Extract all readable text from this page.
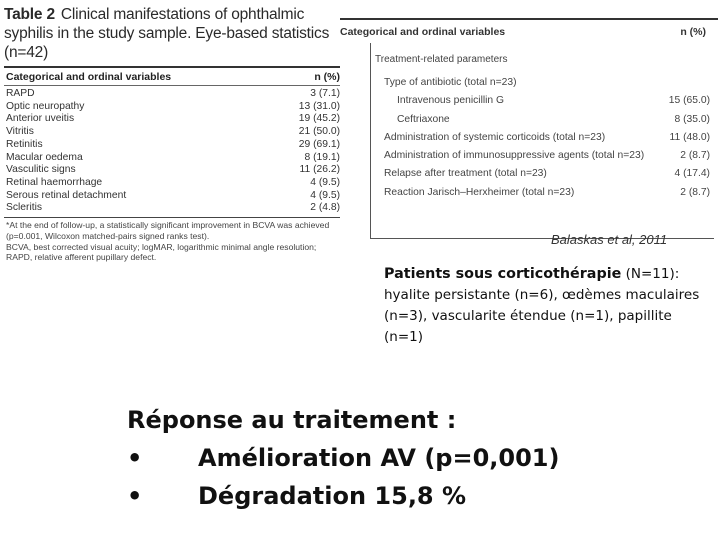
Table 2 Clinical manifestations of ophthalmic syphilis in the study sample. Eye-based statistics (n=42)
Categorical and ordinal variables	n (%)
RAPD	3 (7.1)
Optic neuropathy	13 (31.0)
Anterior uveitis	19 (45.2)
Vitritis	21 (50.0)
Retinitis	29 (69.1)
Macular oedema	8 (19.1)
Vasculitic signs	11 (26.2)
Retinal haemorrhage	4 (9.5)
Serous retinal detachment	4 (9.5)
Scleritis	2 (4.8)
*At the end of follow-up, a statistically significant improvement in BCVA was achieved (p=0.001, Wilcoxon matched-pairs signed ranks test).
BCVA, best corrected visual acuity; logMAR, logarithmic minimal angle resolution; RAPD, relative afferent pupillary defect.
Categorical and ordinal variables	n (%)
Treatment-related parameters
Type of antibiotic (total n=23)
Intravenous penicillin G	15 (65.0)
Ceftriaxone	8 (35.0)
Administration of systemic corticoids (total n=23)	11 (48.0)
Administration of immunosuppressive agents (total n=23)	2 (8.7)
Relapse after treatment (total n=23)	4 (17.4)
Reaction Jarisch–Herxheimer (total n=23)	2 (8.7)
Balaskas et al, 2011
Patients sous corticothérapie (N=11):
hyalite persistante (n=6), œdèmes maculaires (n=3), vascularite étendue (n=1), papillite (n=1)
Réponse au traitement :
•	Amélioration AV (p=0,001)
•	Dégradation 15,8 %
